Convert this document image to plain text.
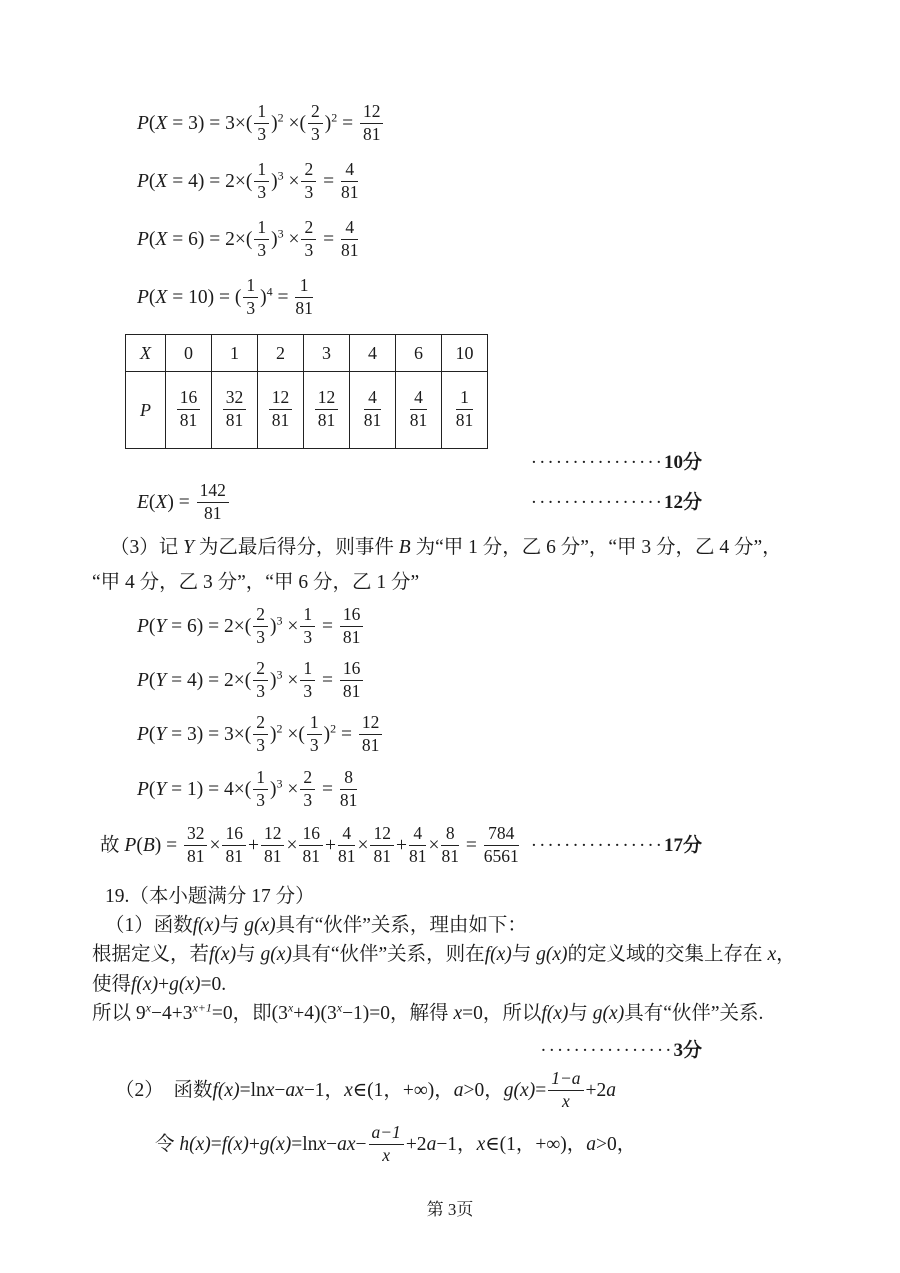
$P(X = 3) = 3\times( \frac{1}{3} )^2$ ×( $\frac{2}{3} )^2 = \frac{12}{81}$
$P(X = 4) = 2\times( \frac{1}{3} )^3 \times \frac{2}{3} = \frac{4}{81}$
$P(X = 6) = 2\times( \frac{1}{3} )^3 \times \frac{2}{3} = \frac{4}{81}$
P(X = 10) = ( $\frac{1}{3} )^4 = \frac{1}{81}$
X	0	1	2	3	4	6	10
P	$\frac{16}{81}$	$\frac{32}{81}$	$\frac{12}{81}$	$\frac{12}{81}$	$\frac{4}{81}$	$\frac{4}{81}$	$\frac{1}{81}$
················10分
················12分
$E(X) = \frac{142}{81}$
（3）记 Y 为乙最后得分，则事件 B 为“甲 1 分，乙 6 分”，“甲 3 分，乙 4 分”，
“甲 4 分，乙 3 分”，“甲 6 分，乙 1 分”
$P(Y = 6) = 2\times( \frac{2}{3} )^3 \times \frac{1}{3} = \frac{16}{81}$
$P(Y = 4) = 2\times( \frac{2}{3} )^3 \times \frac{1}{3} = \frac{16}{81}$
$P(Y = 3) = 3\times( \frac{2}{3} )^2$ ×( $\frac{1}{3} )^2 = \frac{12}{81}$
$P(Y = 1) = 4\times( \frac{1}{3} )^3 \times \frac{2}{3} = \frac{8}{81}$
················17分
故 $P(B) = \frac{32}{81} \times \frac{16}{81} + \frac{12}{81} \times \frac{16}{81} + \frac{4}{81} \times \frac{12}{81} + \frac{4}{81} \times \frac{8}{81} = \frac{784}{6561}$
19.（本小题满分 17 分）
（1）函数f(x)与 g(x)具有“伙伴”关系，理由如下：
根据定义，若f(x)与 g(x)具有“伙伴”关系，则在f(x)与 g(x)的定义域的交集上存在 x，
使得f(x)+g(x)=0.
所以 $9^x-4+3^{x+1}=0$，即$(3^x+4)(3^x-1)=0$，解得 x=0，所以f(x)与 g(x)具有“伙伴”关系.
················3分
（2）　函数f(x)=lnx−ax−1，x∈(1，+∞)，a>0，$g(x)= \frac{1-a}{x} +2a$
令 $h(x)=f(x)+g(x)=\ln x-ax- \frac{a-1}{x} +2a-1$，x∈(1，+∞)，a>0，
第 3页
